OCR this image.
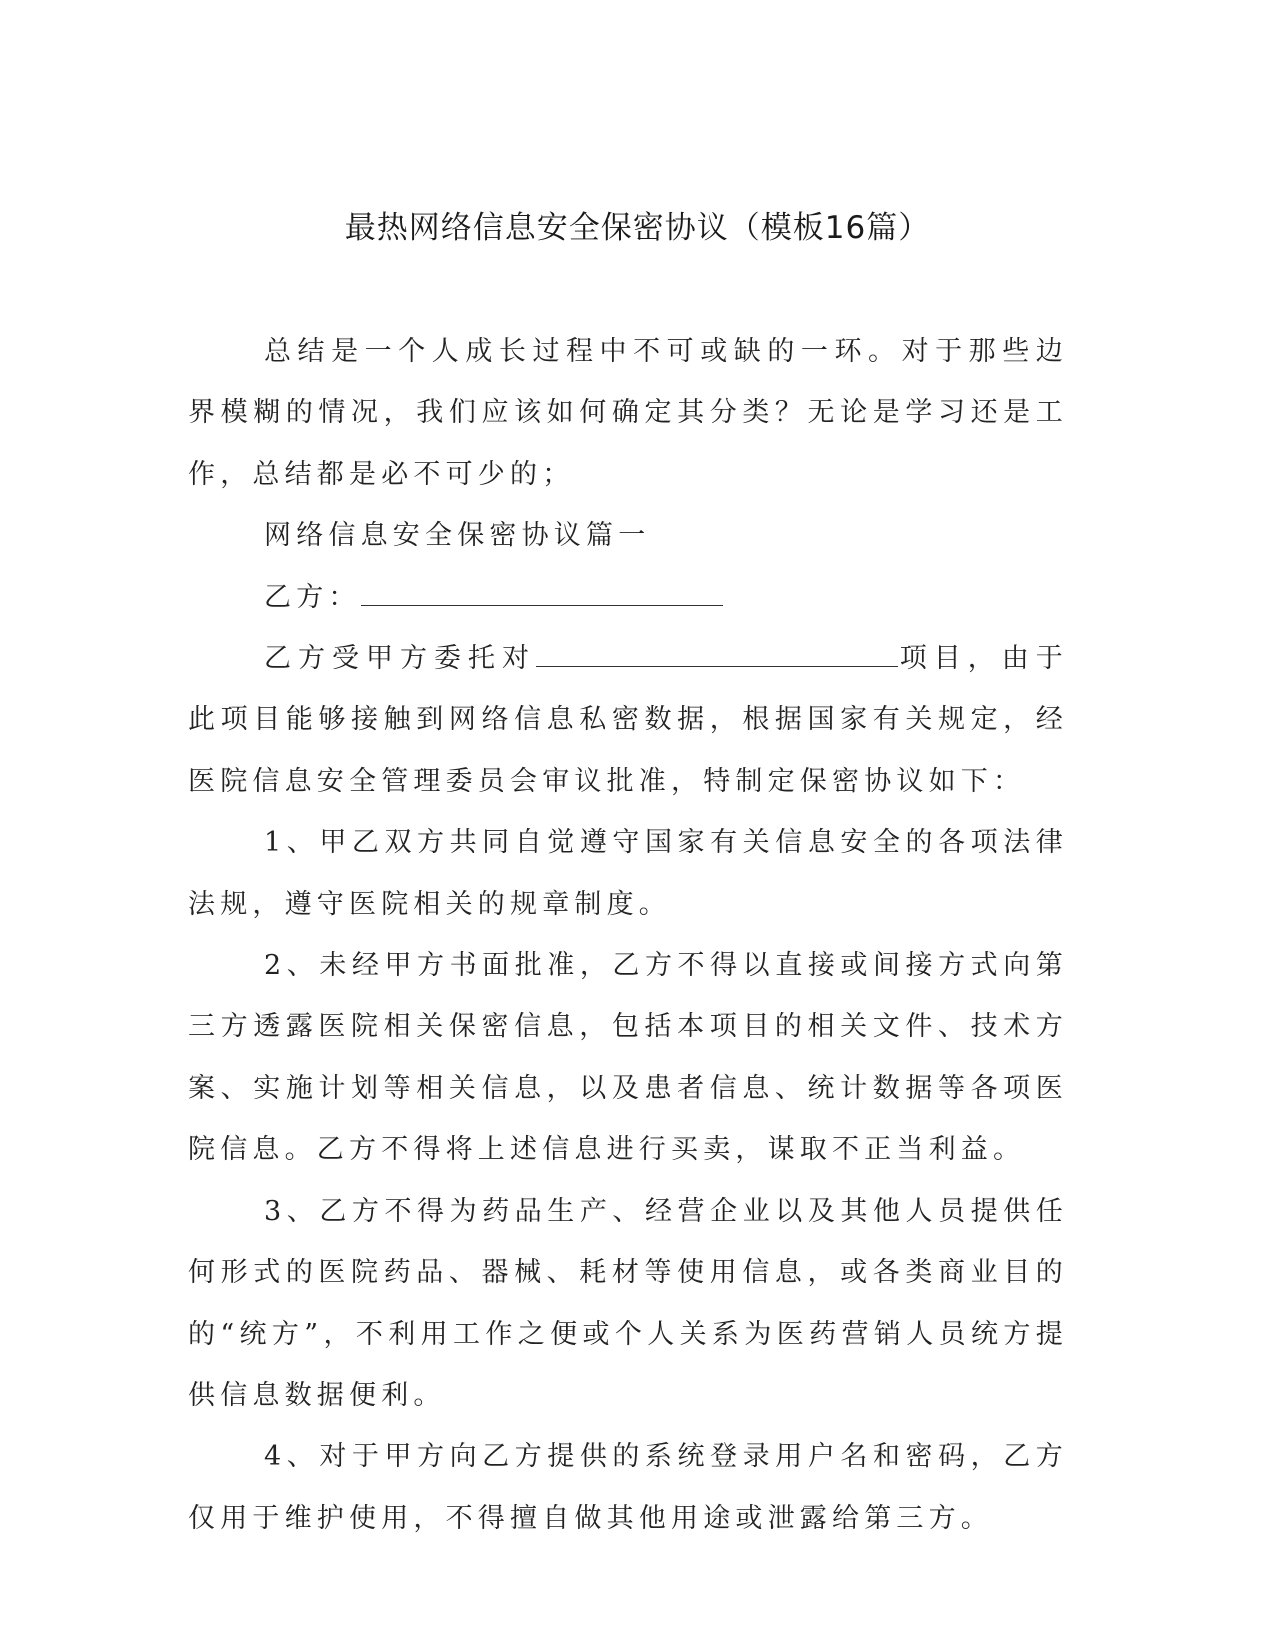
最热网络信息安全保密协议（模板16篇）

总结是一个人成长过程中不可或缺的一环。对于那些边界模糊的情况，我们应该如何确定其分类？无论是学习还是工作，总结都是必不可少的；

网络信息安全保密协议篇一

乙方：

乙方受甲方委托对	项目，由于此项目能够接触到网络信息私密数据，根据国家有关规定，经医院信息安全管理委员会审议批准，特制定保密协议如下：

1、甲乙双方共同自觉遵守国家有关信息安全的各项法律法规，遵守医院相关的规章制度。

2、未经甲方书面批准，乙方不得以直接或间接方式向第三方透露医院相关保密信息，包括本项目的相关文件、技术方案、实施计划等相关信息，以及患者信息、统计数据等各项医院信息。乙方不得将上述信息进行买卖，谋取不正当利益。

3、乙方不得为药品生产、经营企业以及其他人员提供任何形式的医院药品、器械、耗材等使用信息，或各类商业目的的“统方”，不利用工作之便或个人关系为医药营销人员统方提供信息数据便利。

4、对于甲方向乙方提供的系统登录用户名和密码，乙方仅用于维护使用，不得擅自做其他用途或泄露给第三方。
